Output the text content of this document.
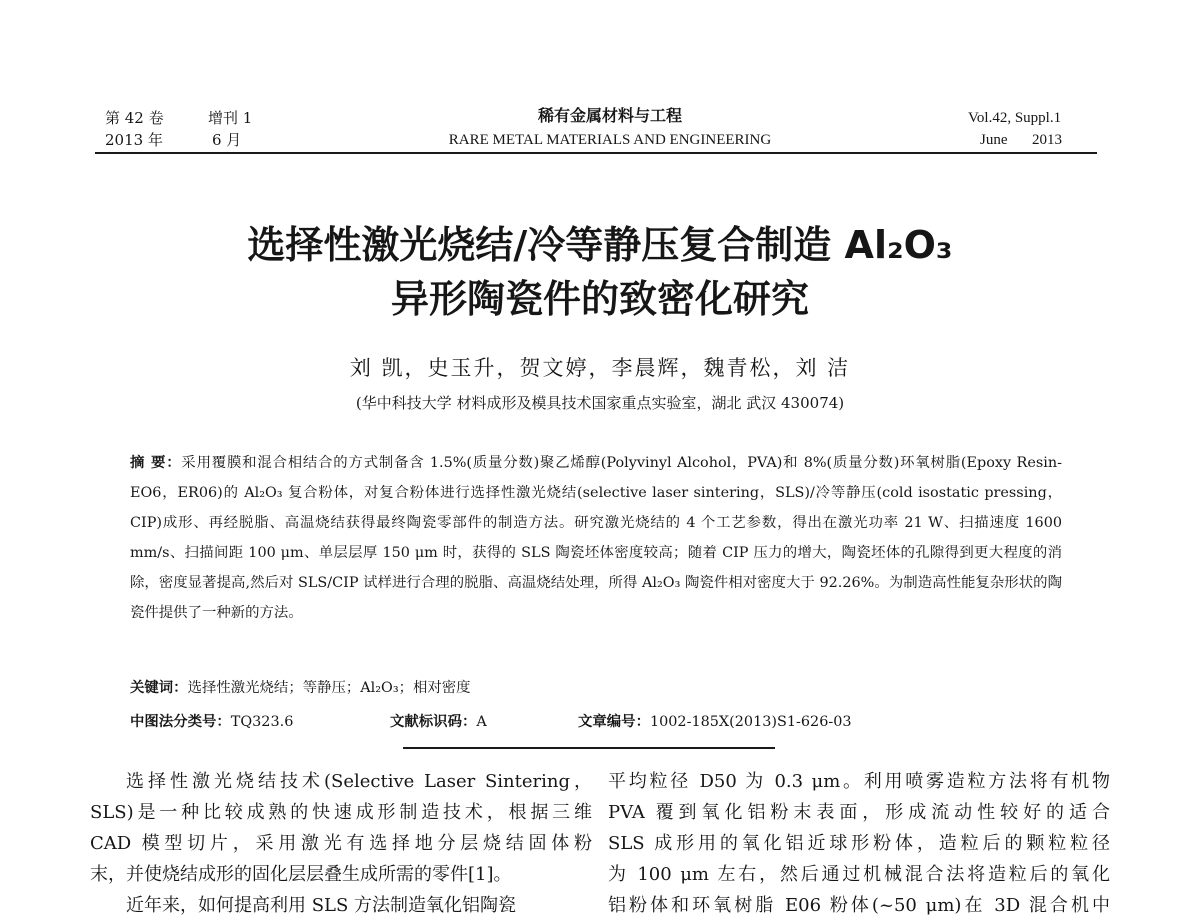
第 42 卷	增刊 1
2013 年	6 月
稀有金属材料与工程
RARE METAL MATERIALS AND ENGINEERING
Vol.42, Suppl.1
June 2013
选择性激光烧结/冷等静压复合制造 Al₂O₃
异形陶瓷件的致密化研究
刘 凯，史玉升，贺文婷，李晨辉，魏青松，刘 洁
(华中科技大学 材料成形及模具技术国家重点实验室，湖北 武汉 430074)
摘 要：采用覆膜和混合相结合的方式制备含 1.5%(质量分数)聚乙烯醇(Polyvinyl Alcohol，PVA)和 8%(质量分数)环氧树脂(Epoxy Resin-EO6，ER06)的 Al₂O₃ 复合粉体，对复合粉体进行选择性激光烧结(selective laser sintering，SLS)/冷等静压(cold isostatic pressing，CIP)成形、再经脱脂、高温烧结获得最终陶瓷零部件的制造方法。研究激光烧结的 4 个工艺参数，得出在激光功率 21 W、扫描速度 1600 mm/s、扫描间距 100 μm、单层层厚 150 μm 时，获得的 SLS 陶瓷坯体密度较高；随着 CIP 压力的增大，陶瓷坯体的孔隙得到更大程度的消除，密度显著提高,然后对 SLS/CIP 试样进行合理的脱脂、高温烧结处理，所得 Al₂O₃ 陶瓷件相对密度大于 92.26%。为制造高性能复杂形状的陶瓷件提供了一种新的方法。
关键词：选择性激光烧结；等静压；Al₂O₃；相对密度
中图法分类号：TQ323.6	文献标识码：A	文章编号：1002-185X(2013)S1-626-03
选择性激光烧结技术(Selective Laser Sintering，
SLS)是一种比较成熟的快速成形制造技术，根据三维
CAD 模型切片，采用激光有选择地分层烧结固体粉
末，并使烧结成形的固化层层叠生成所需的零件[1]。
近年来，如何提高利用 SLS 方法制造氧化铝陶瓷
平均粒径 D50 为 0.3 μm。利用喷雾造粒方法将有机物
PVA 覆到氧化铝粉末表面，形成流动性较好的适合
SLS 成形用的氧化铝近球形粉体，造粒后的颗粒粒径
为 100 μm 左右，然后通过机械混合法将造粒后的氧化
铝粉体和环氧树脂 E06 粉体(~50 μm)在 3D 混合机中
